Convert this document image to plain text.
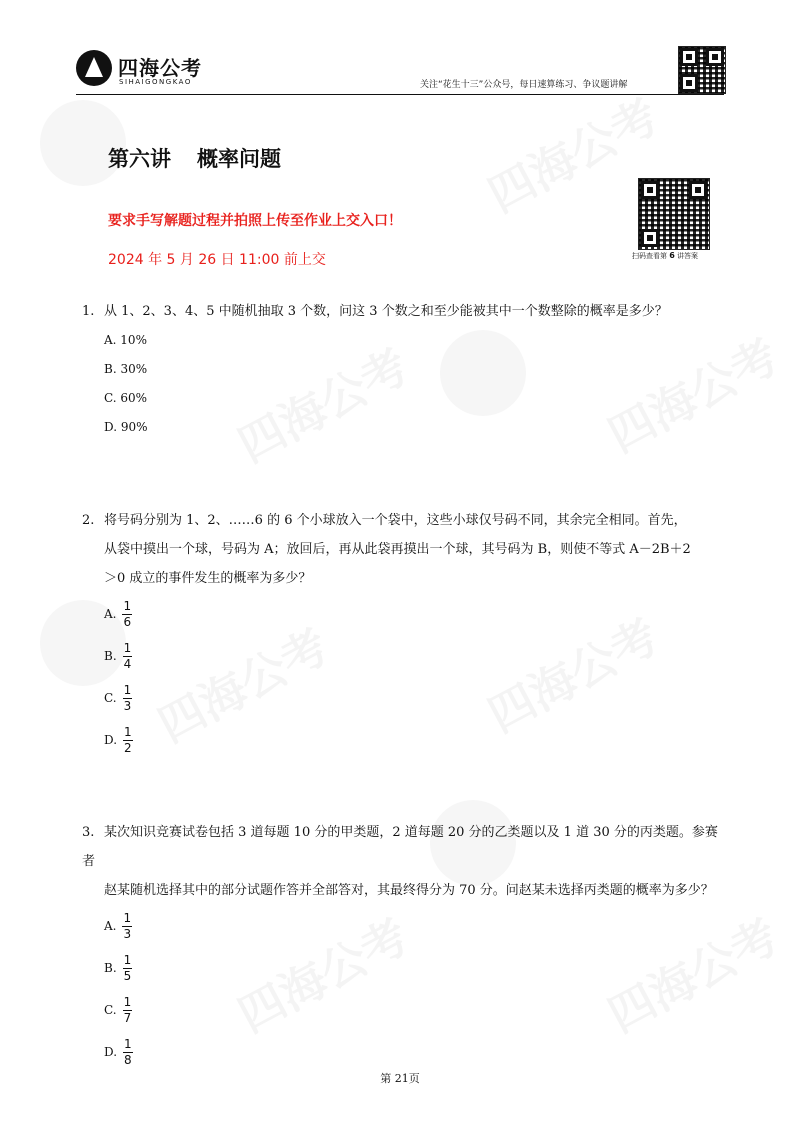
四海公考
SIHAIGONGKAO	关注“花生十三”公众号，每日速算练习、争议题讲解
第六讲 概率问题
要求手写解题过程并拍照上传至作业上交入口！
2024 年 5 月 26 日 11:00 前上交	扫码查看第 6 讲答案
1. 从 1、2、3、4、5 中随机抽取 3 个数，问这 3 个数之和至少能被其中一个数整除的概率是多少？
A. 10%
B. 30%
C. 60%
D. 90%
2. 将号码分别为 1、2、……6 的 6 个小球放入一个袋中，这些小球仅号码不同，其余完全相同。首先，
从袋中摸出一个球，号码为 A；放回后，再从此袋再摸出一个球，其号码为 B，则使不等式 A－2B＋2
＞0 成立的事件发生的概率为多少？
A. $\frac{1}{6}$
B. $\frac{1}{4}$
C. $\frac{1}{3}$
D. $\frac{1}{2}$
3. 某次知识竞赛试卷包括 3 道每题 10 分的甲类题，2 道每题 20 分的乙类题以及 1 道 30 分的丙类题。参赛者
赵某随机选择其中的部分试题作答并全部答对，其最终得分为 70 分。问赵某未选择丙类题的概率为多少？
A. $\frac{1}{3}$
B. $\frac{1}{5}$
C. $\frac{1}{7}$
D. $\frac{1}{8}$
第 21页
